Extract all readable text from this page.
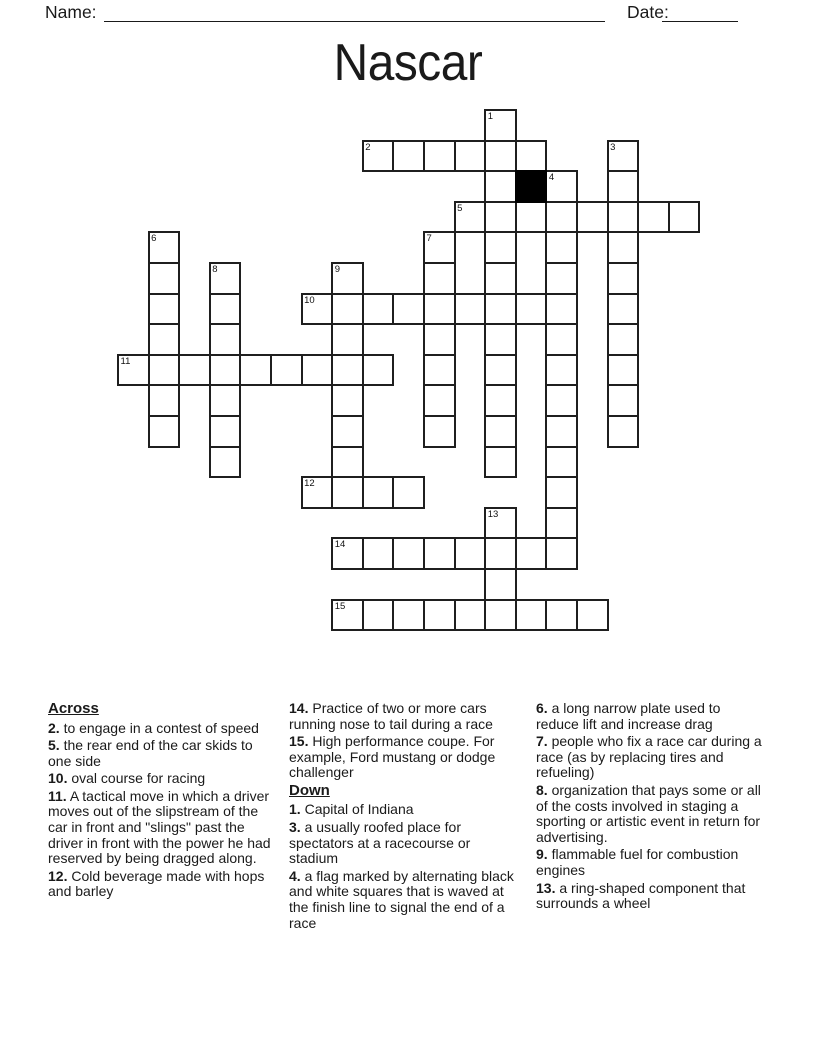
Name:	Date:
Nascar
1
2	3
4
5
6	7
8	9
10
11
12
13
14
15
Across
2. to engage in a contest of speed
5. the rear end of the car skids to one side
10. oval course for racing
11. A tactical move in which a driver moves out of the slipstream of the car in front and "slings" past the driver in front with the power he had reserved by being dragged along.
12. Cold beverage made with hops and barley
14. Practice of two or more cars running nose to tail during a race
15. High performance coupe. For example, Ford mustang or dodge challenger
Down
1. Capital of Indiana
3. a usually roofed place for spectators at a racecourse or stadium
4. a flag marked by alternating black and white squares that is waved at the finish line to signal the end of a race
6. a long narrow plate used to reduce lift and increase drag
7. people who fix a race car during a race (as by replacing tires and refueling)
8. organization that pays some or all of the costs involved in staging a sporting or artistic event in return for advertising.
9. flammable fuel for combustion engines
13. a ring-shaped component that surrounds a wheel
